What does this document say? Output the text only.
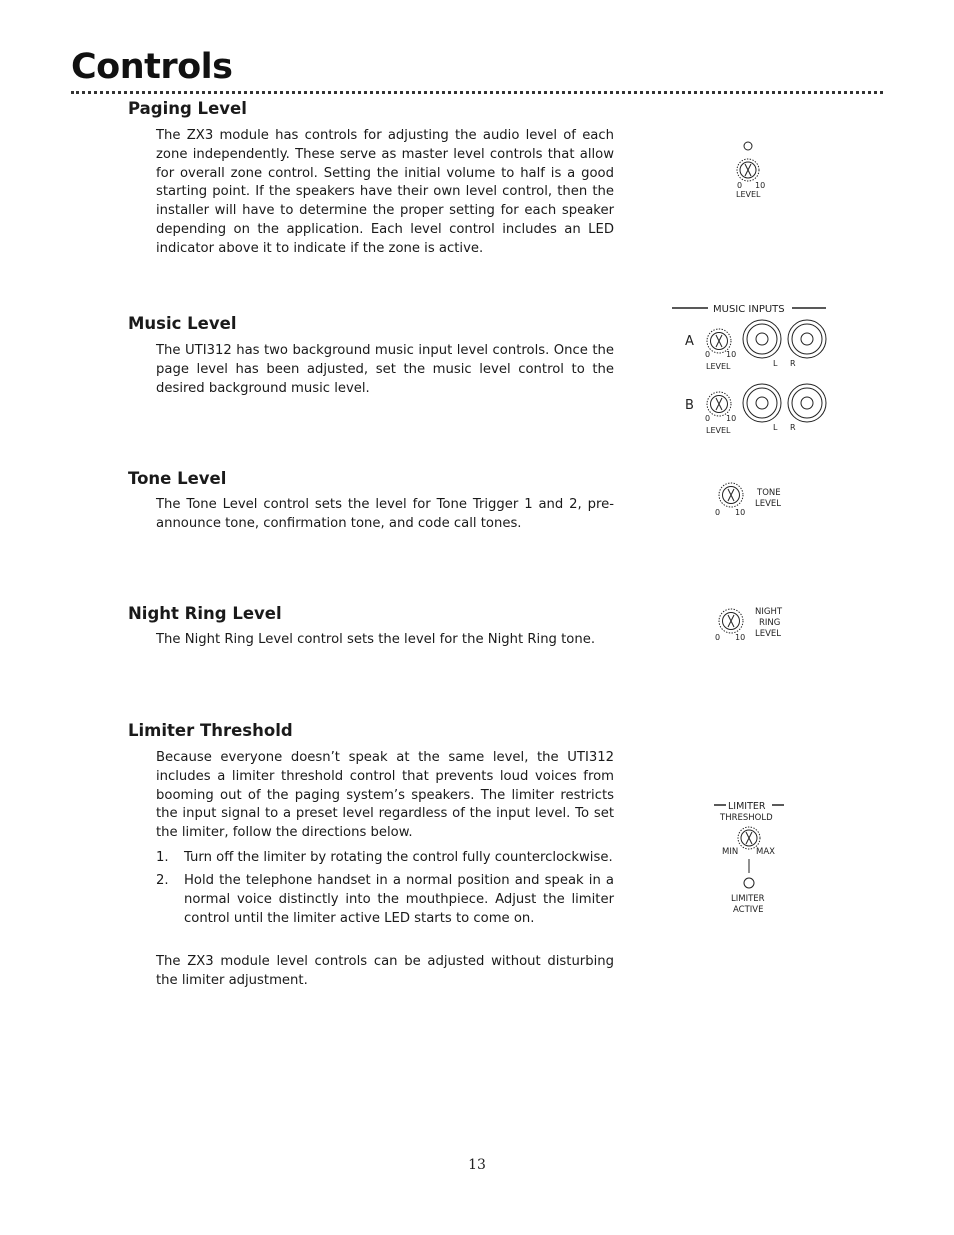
Controls
Paging Level

The ZX3 module has controls for adjusting the audio level of each zone independently. These serve as master level controls that allow for overall zone control. Setting the initial volume to half is a good starting point. If the speakers have their own level control, then the installer will have to determine the proper setting for each speaker depending on the application. Each level control includes an LED indicator above it to indicate if the zone is active.

Music Level

The UTI312 has two background music input level controls. Once the page level has been adjusted, set the music level control to the desired background music level.

Tone Level

The Tone Level control sets the level for Tone Trigger 1 and 2, pre-announce tone, confirmation tone, and code call tones.

Night Ring Level

The Night Ring Level control sets the level for the Night Ring tone.

Limiter Threshold

Because everyone doesn’t speak at the same level, the UTI312 includes a limiter threshold control that prevents loud voices from booming out of the paging system’s speakers. The limiter restricts the input signal to a preset level regardless of the input level. To set the limiter, follow the directions below.

1. Turn off the limiter by rotating the control fully counterclockwise.
2. Hold the telephone handset in a normal position and speak in a normal voice distinctly into the mouthpiece. Adjust the limiter control until the limiter active LED starts to come on.

The ZX3 module level controls can be adjusted without disturbing the limiter adjustment.

0 10
LEVEL
MUSIC INPUTS
A
0 10
LEVEL	L R
B
0 10
LEVEL	L R
0 10
TONE
LEVEL
0 10
NIGHT
RING
LEVEL
LIMITER
THRESHOLD
MIN MAX
LIMITER
ACTIVE
13
